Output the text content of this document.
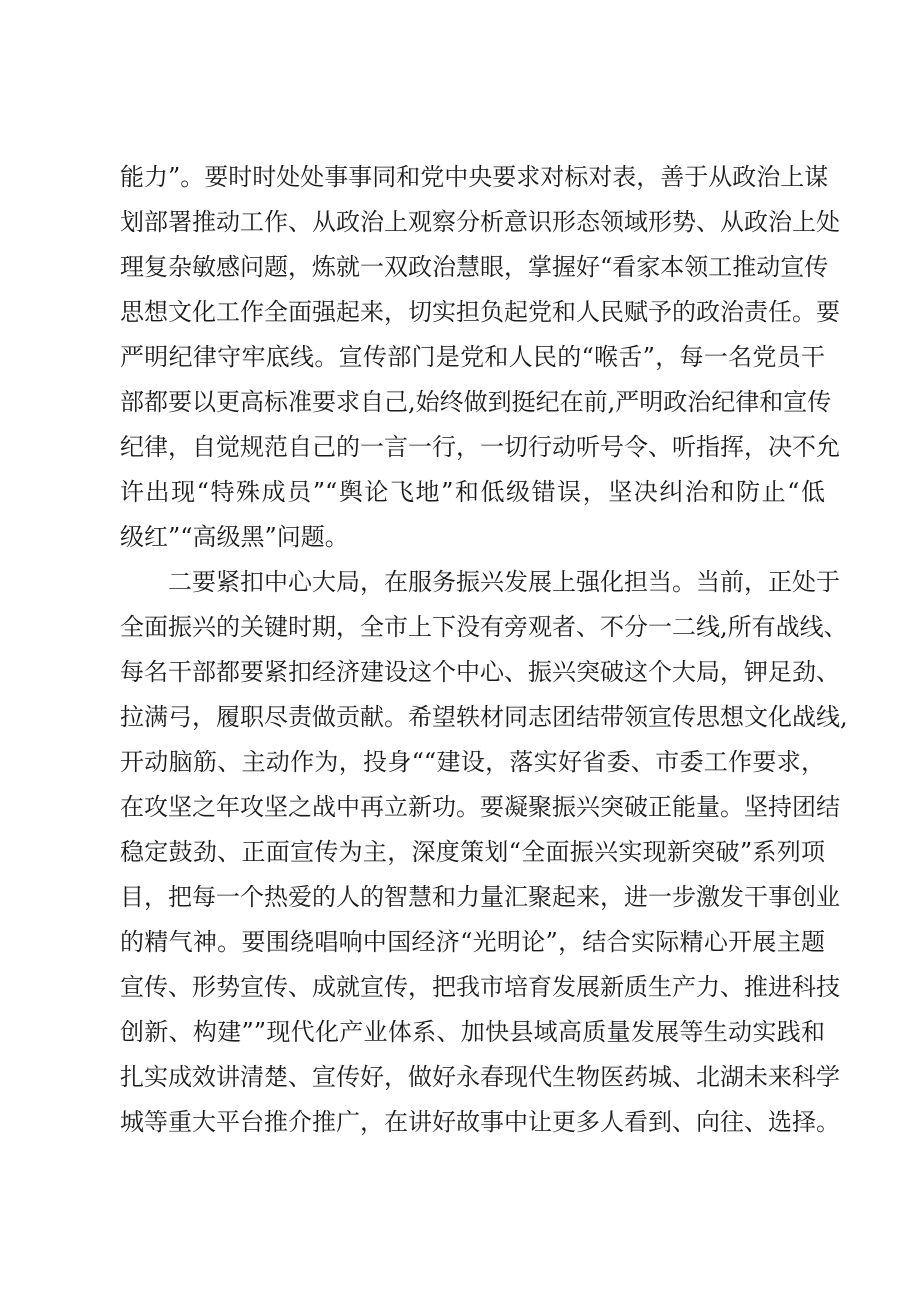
能力”。要时时处处事事同和党中央要求对标对表，善于从政治上谋
划部署推动工作、从政治上观察分析意识形态领域形势、从政治上处
理复杂敏感问题，炼就一双政治慧眼，掌握好“看家本领工推动宣传
思想文化工作全面强起来，切实担负起党和人民赋予的政治责任。要
严明纪律守牢底线。宣传部门是党和人民的“喉舌”，每一名党员干
部都要以更高标准要求自己,始终做到挺纪在前,严明政治纪律和宣传
纪律，自觉规范自己的一言一行，一切行动听号令、听指挥，决不允
许出现“特殊成员”“舆论飞地”和低级错误，坚决纠治和防止“低
级红”“高级黑”问题。
二要紧扣中心大局，在服务振兴发展上强化担当。当前，正处于
全面振兴的关键时期，全市上下没有旁观者、不分一二线,所有战线、
每名干部都要紧扣经济建设这个中心、振兴突破这个大局，钾足劲、
拉满弓，履职尽责做贡献。希望轶材同志团结带领宣传思想文化战线,
开动脑筋、主动作为，投身““建设，落实好省委、市委工作要求，
在攻坚之年攻坚之战中再立新功。要凝聚振兴突破正能量。坚持团结
稳定鼓劲、正面宣传为主，深度策划“全面振兴实现新突破”系列项
目，把每一个热爱的人的智慧和力量汇聚起来，进一步激发干事创业
的精气神。要围绕唱响中国经济“光明论”，结合实际精心开展主题
宣传、形势宣传、成就宣传，把我市培育发展新质生产力、推进科技
创新、构建””现代化产业体系、加快县域高质量发展等生动实践和
扎实成效讲清楚、宣传好，做好永春现代生物医药城、北湖未来科学
城等重大平台推介推广，在讲好故事中让更多人看到、向往、选择。
